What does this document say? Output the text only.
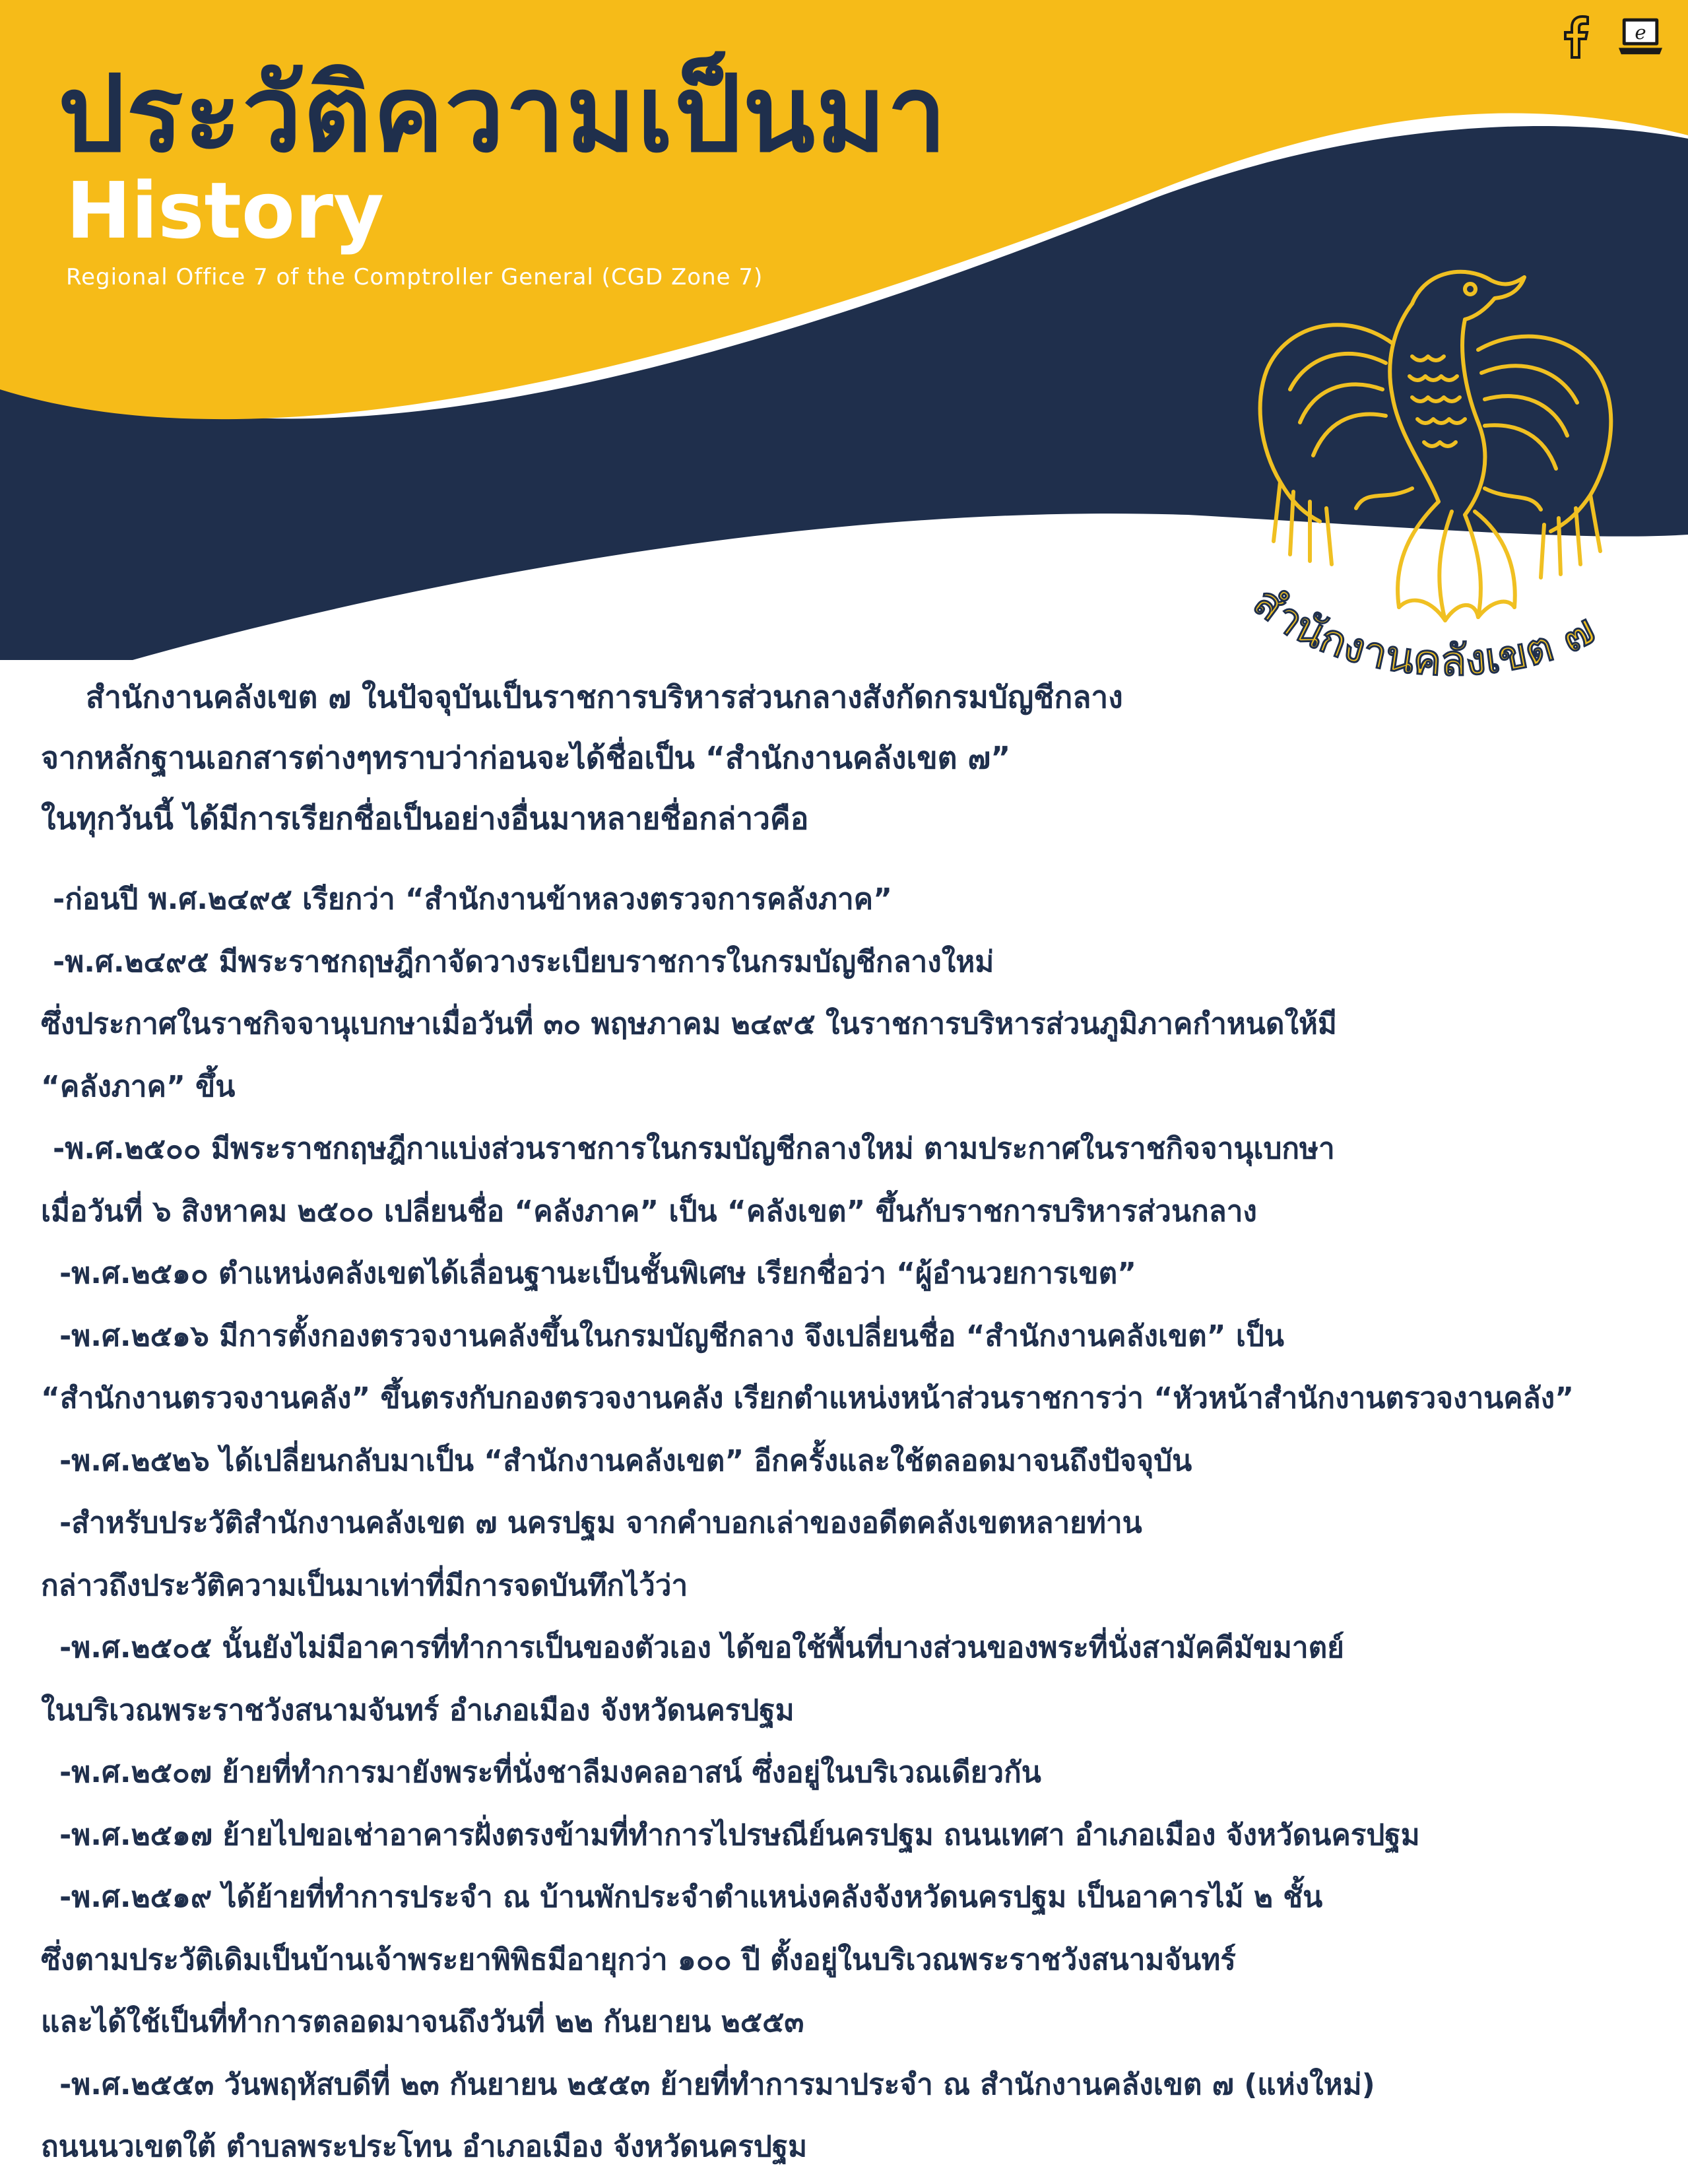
e
ประวัติความเป็นมา
History

Regional Office 7 of the Comptroller General (CGD Zone 7)

สำนักงานคลังเขต ๗

สำนักงานคลังเขต ๗ ในปัจจุบันเป็นราชการบริหารส่วนกลางสังกัดกรมบัญชีกลาง

จากหลักฐานเอกสารต่างๆทราบว่าก่อนจะได้ชื่อเป็น “สำนักงานคลังเขต ๗”

ในทุกวันนี้ ได้มีการเรียกชื่อเป็นอย่างอื่นมาหลายชื่อกล่าวคือ

-ก่อนปี พ.ศ.๒๔๙๕ เรียกว่า “สำนักงานข้าหลวงตรวจการคลังภาค”

-พ.ศ.๒๔๙๕ มีพระราชกฤษฎีกาจัดวางระเบียบราชการในกรมบัญชีกลางใหม่

ซึ่งประกาศในราชกิจจานุเบกษาเมื่อวันที่ ๓๐ พฤษภาคม ๒๔๙๕ ในราชการบริหารส่วนภูมิภาคกำหนดให้มี

“คลังภาค” ขึ้น

-พ.ศ.๒๕๐๐ มีพระราชกฤษฎีกาแบ่งส่วนราชการในกรมบัญชีกลางใหม่ ตามประกาศในราชกิจจานุเบกษา

เมื่อวันที่ ๖ สิงหาคม ๒๕๐๐ เปลี่ยนชื่อ “คลังภาค” เป็น “คลังเขต” ขึ้นกับราชการบริหารส่วนกลาง

-พ.ศ.๒๕๑๐ ตำแหน่งคลังเขตได้เลื่อนฐานะเป็นชั้นพิเศษ เรียกชื่อว่า “ผู้อำนวยการเขต”

-พ.ศ.๒๕๑๖ มีการตั้งกองตรวจงานคลังขึ้นในกรมบัญชีกลาง จึงเปลี่ยนชื่อ “สำนักงานคลังเขต” เป็น

“สำนักงานตรวจงานคลัง” ขึ้นตรงกับกองตรวจงานคลัง เรียกตำแหน่งหน้าส่วนราชการว่า “หัวหน้าสำนักงานตรวจงานคลัง”

-พ.ศ.๒๕๒๖ ได้เปลี่ยนกลับมาเป็น “สำนักงานคลังเขต” อีกครั้งและใช้ตลอดมาจนถึงปัจจุบัน

-สำหรับประวัติสำนักงานคลังเขต ๗ นครปฐม จากคำบอกเล่าของอดีตคลังเขตหลายท่าน

กล่าวถึงประวัติความเป็นมาเท่าที่มีการจดบันทึกไว้ว่า

-พ.ศ.๒๕๐๕ นั้นยังไม่มีอาคารที่ทำการเป็นของตัวเอง ได้ขอใช้พื้นที่บางส่วนของพระที่นั่งสามัคคีมัขมาตย์

ในบริเวณพระราชวังสนามจันทร์ อำเภอเมือง จังหวัดนครปฐม

-พ.ศ.๒๕๐๗ ย้ายที่ทำการมายังพระที่นั่งชาลีมงคลอาสน์ ซึ่งอยู่ในบริเวณเดียวกัน

-พ.ศ.๒๕๑๗ ย้ายไปขอเช่าอาคารฝั่งตรงข้ามที่ทำการไปรษณีย์นครปฐม ถนนเทศา อำเภอเมือง จังหวัดนครปฐม

-พ.ศ.๒๕๑๙ ได้ย้ายที่ทำการประจำ ณ บ้านพักประจำตำแหน่งคลังจังหวัดนครปฐม เป็นอาคารไม้ ๒ ชั้น

ซึ่งตามประวัติเดิมเป็นบ้านเจ้าพระยาพิพิธมีอายุกว่า ๑๐๐ ปี ตั้งอยู่ในบริเวณพระราชวังสนามจันทร์

และได้ใช้เป็นที่ทำการตลอดมาจนถึงวันที่ ๒๒ กันยายน ๒๕๕๓

-พ.ศ.๒๕๕๓ วันพฤหัสบดีที่ ๒๓ กันยายน ๒๕๕๓ ย้ายที่ทำการมาประจำ ณ สำนักงานคลังเขต ๗ (แห่งใหม่)

ถนนนวเขตใต้ ตำบลพระประโทน อำเภอเมือง จังหวัดนครปฐม
